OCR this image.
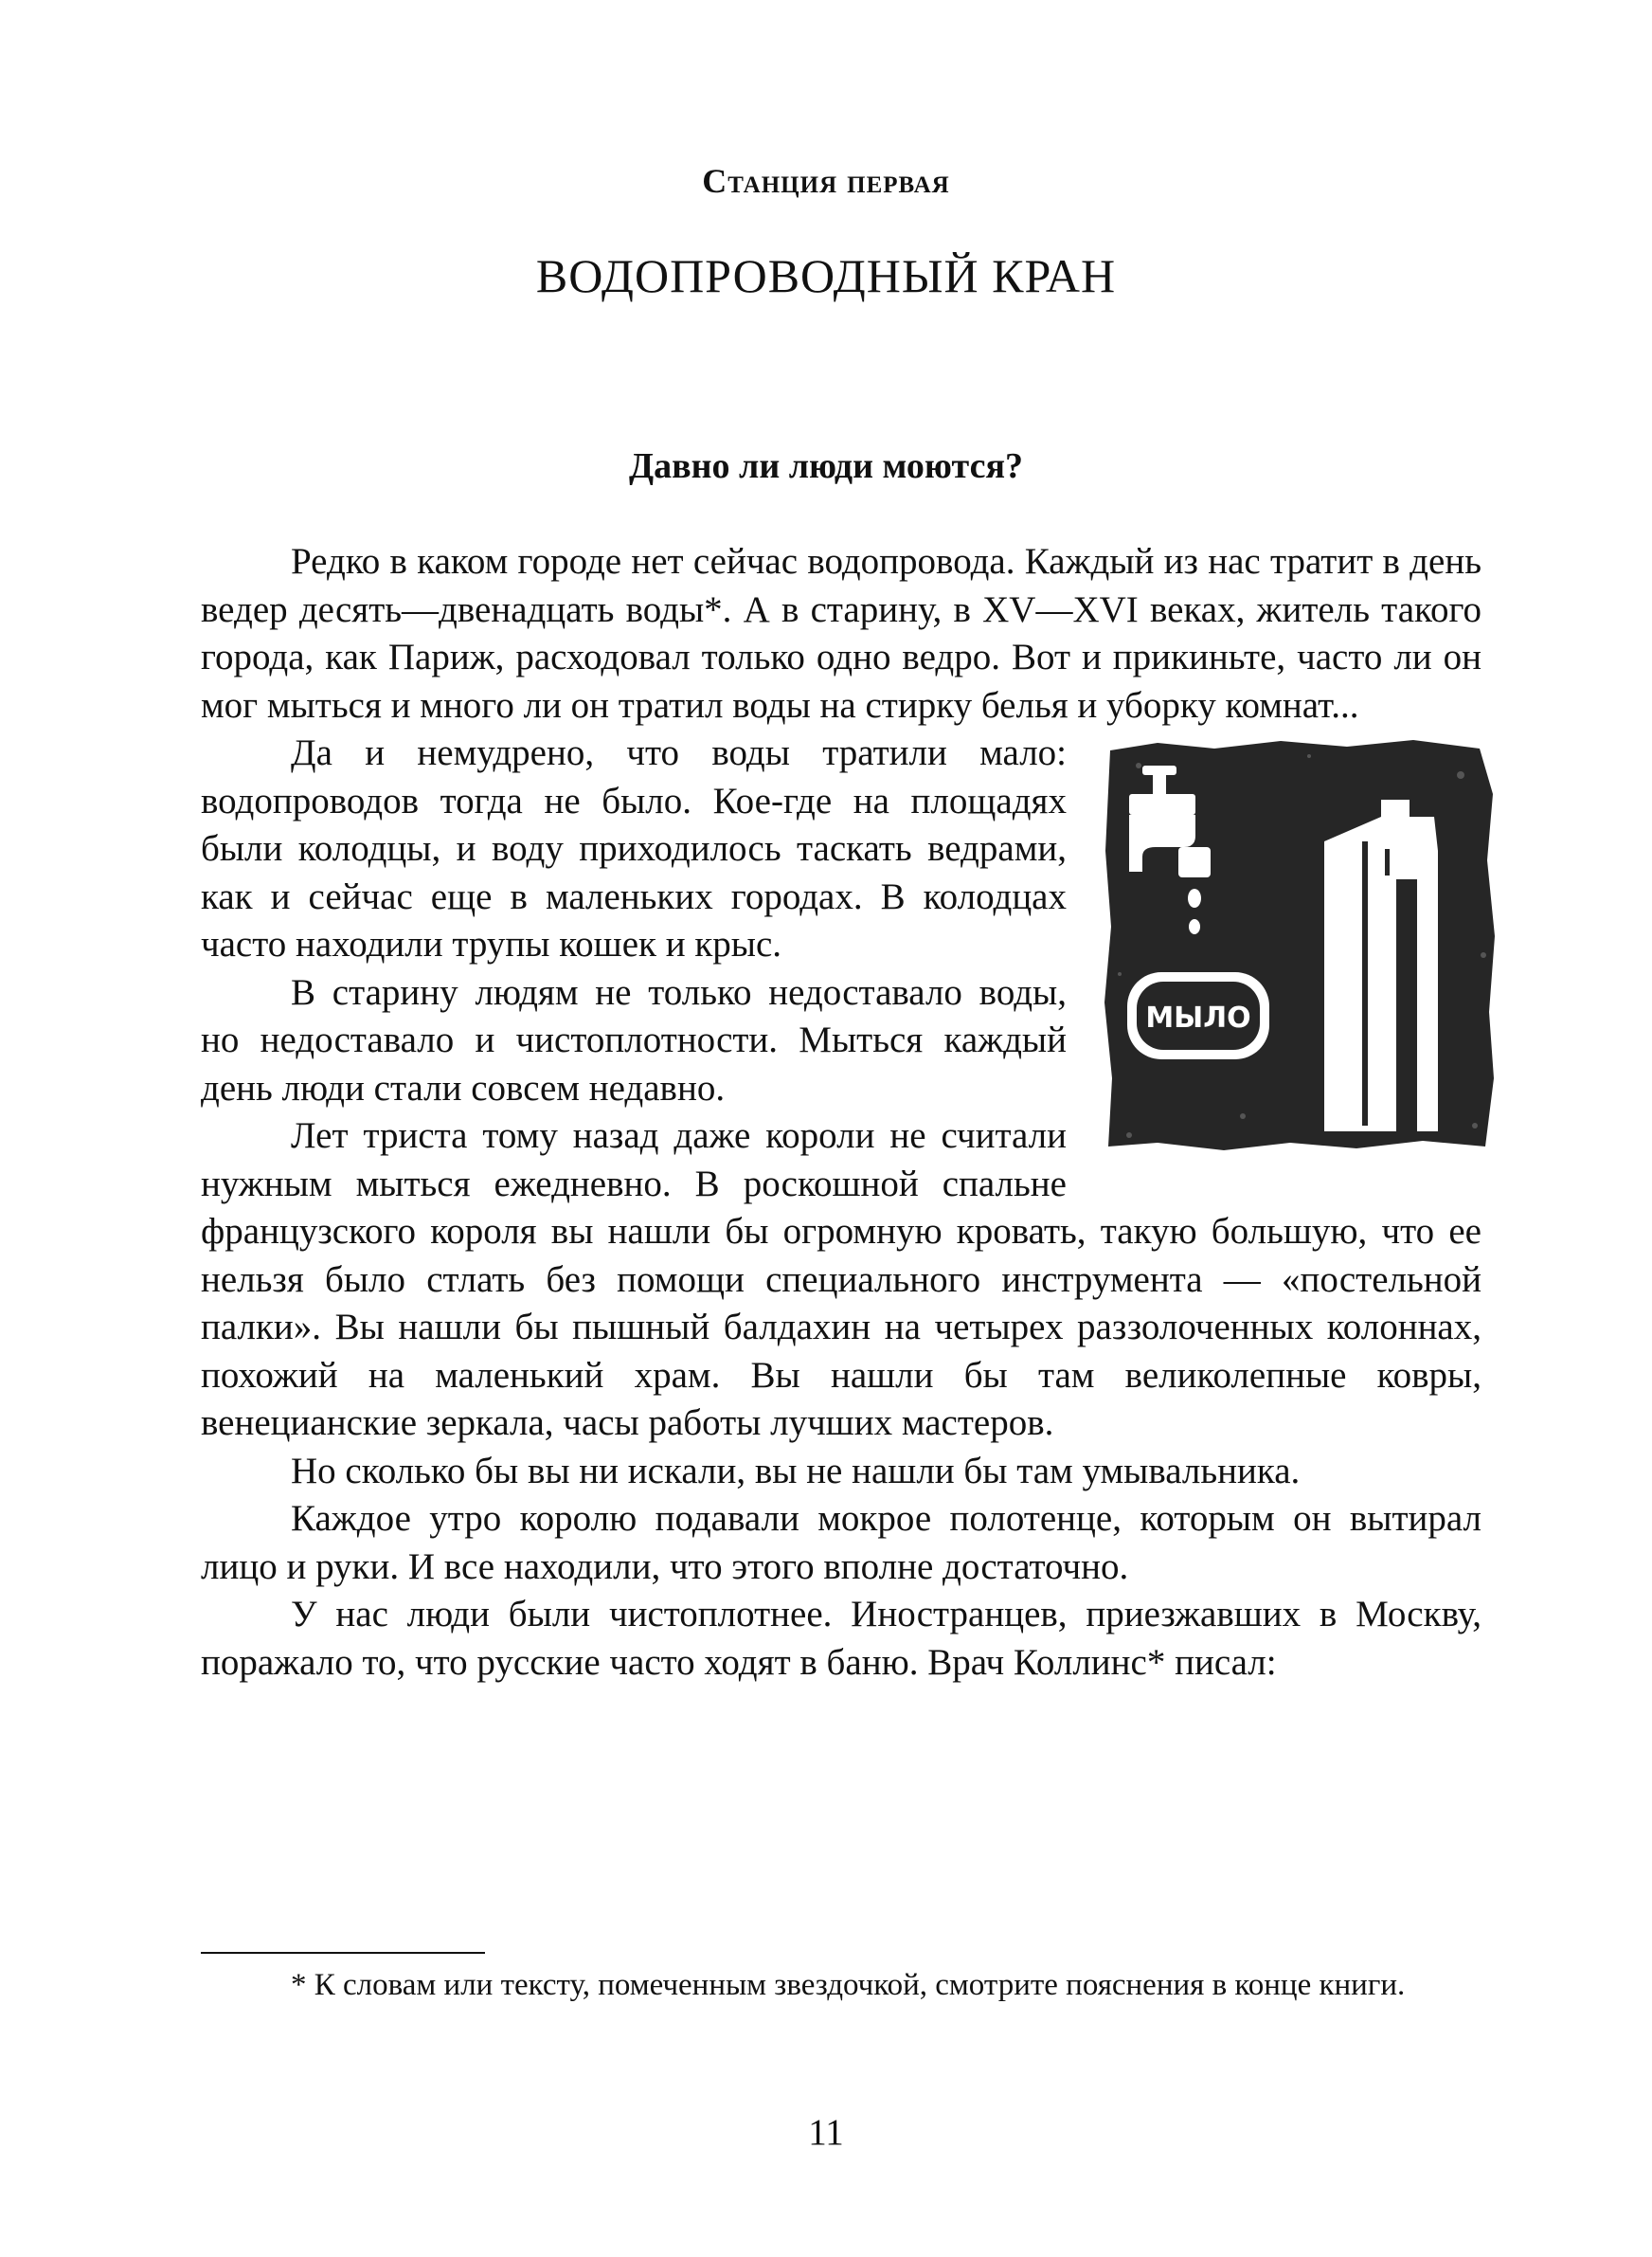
Станция первая
ВОДОПРОВОДНЫЙ КРАН
Давно ли люди моются?

Редко в каком городе нет сейчас водопровода. Каждый из нас тратит в день ведер десять—двенадцать воды*. А в старину, в XV—XVI веках, житель такого города, как Париж, расходовал только одно ведро. Вот и прикиньте, часто ли он мог мыться и много ли он тратил воды на стирку белья и уборку комнат...

МЫЛО

Да и немудрено, что воды тратили мало: водопроводов тогда не было. Кое-где на площадях были колодцы, и воду приходилось таскать ведрами, как и сейчас еще в маленьких городах. В колодцах часто находили трупы кошек и крыс.

В старину людям не только недоставало воды, но недоставало и чистоплотности. Мыться каждый день люди стали совсем недавно.

Лет триста тому назад даже короли не считали нужным мыться ежедневно. В роскошной спальне французского короля вы нашли бы огромную кровать, такую большую, что ее нельзя было стлать без помощи специального инструмента — «постельной палки». Вы нашли бы пышный балдахин на четырех раззолоченных колоннах, похожий на маленький храм. Вы нашли бы там великолепные ковры, венецианские зеркала, часы работы лучших мастеров.

Но сколько бы вы ни искали, вы не нашли бы там умывальника.

Каждое утро королю подавали мокрое полотенце, которым он вытирал лицо и руки. И все находили, что этого вполне достаточно.

У нас люди были чистоплотнее. Иностранцев, приезжавших в Москву, поражало то, что русские часто ходят в баню. Врач Коллинс* писал:

* К словам или тексту, помеченным звездочкой, смотрите пояснения в конце книги.
11
